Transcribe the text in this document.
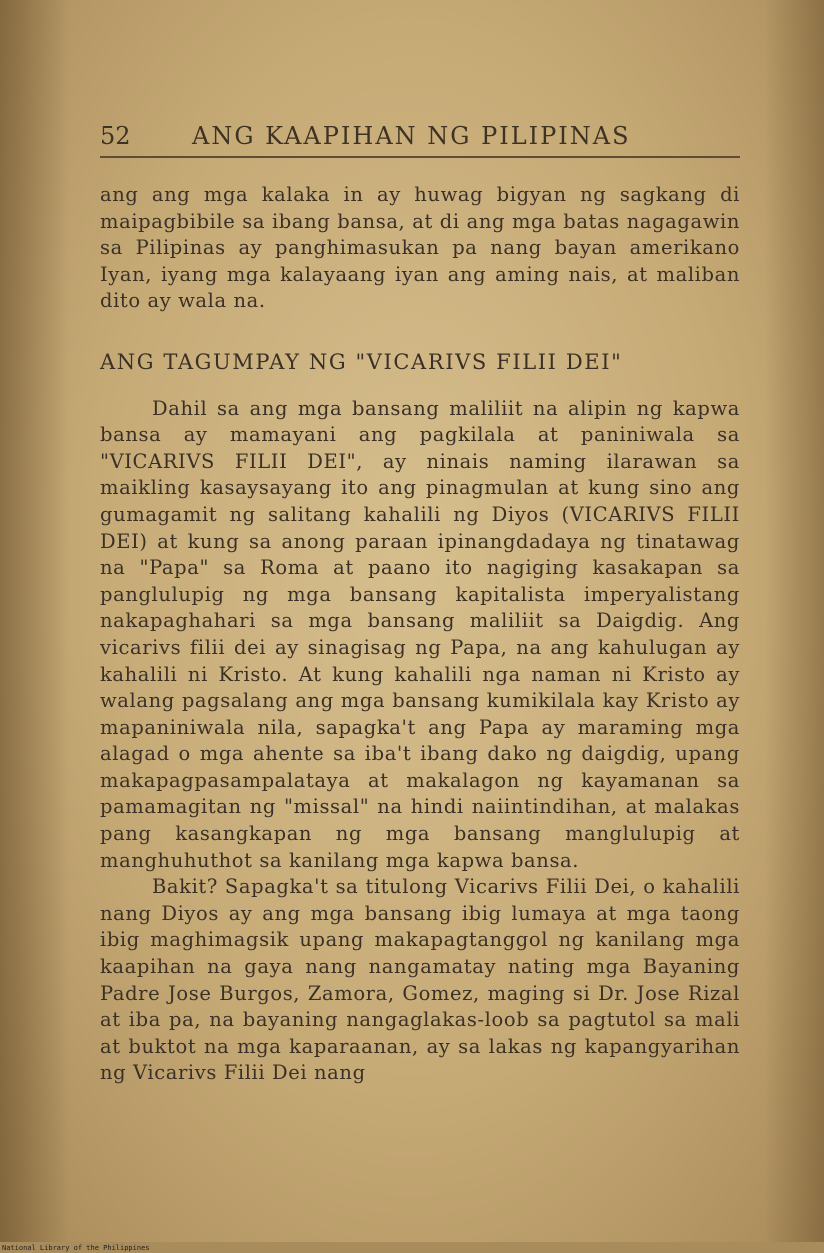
52	ANG KAAPIHAN NG PILIPINAS

ang ang mga kalaka in ay huwag bigyan ng sagkang di maipagbibile sa ibang bansa, at di ang mga batas nagagawin sa Pilipinas ay panghimasukan pa nang bayan amerikano Iyan, iyang mga kalayaang iyan ang aming nais, at maliban dito ay wala na.

ANG TAGUMPAY NG "VICARIVS FILII DEI"

Dahil sa ang mga bansang maliliit na alipin ng kapwa bansa ay mamayani ang pagkilala at paniniwala sa "VICARIVS FILII DEI", ay ninais naming ilarawan sa maikling kasaysayang ito ang pinagmulan at kung sino ang gumagamit ng salitang kahalili ng Diyos (VICARIVS FILII DEI) at kung sa anong paraan ipinangdadaya ng tinatawag na "Papa" sa Roma at paano ito nagiging kasakapan sa panglulupig ng mga bansang kapitalista imperyalistang nakapaghahari sa mga bansang maliliit sa Daigdig. Ang vicarivs filii dei ay sinagisag ng Papa, na ang kahulugan ay kahalili ni Kristo. At kung kahalili nga naman ni Kristo ay walang pagsalang ang mga bansang kumikilala kay Kristo ay mapaniniwala nila, sapagka't ang Papa ay maraming mga alagad o mga ahente sa iba't ibang dako ng daigdig, upang makapagpasampalataya at makalagon ng kayamanan sa pamamagitan ng "missal" na hindi naiintindihan, at malakas pang kasangkapan ng mga bansang manglulupig at manghuhuthot sa kanilang mga kapwa bansa.

Bakit? Sapagka't sa titulong Vicarivs Filii Dei, o kahalili nang Diyos ay ang mga bansang ibig lumaya at mga taong ibig maghimagsik upang makapagtanggol ng kanilang mga kaapihan na gaya nang nangamatay nating mga Bayaning Padre Jose Burgos, Zamora, Gomez, maging si Dr. Jose Rizal at iba pa, na bayaning nangaglakas-loob sa pagtutol sa mali at buktot na mga kaparaanan, ay sa lakas ng kapangyarihan ng Vicarivs Filii Dei nang

National Library of the Philippines
